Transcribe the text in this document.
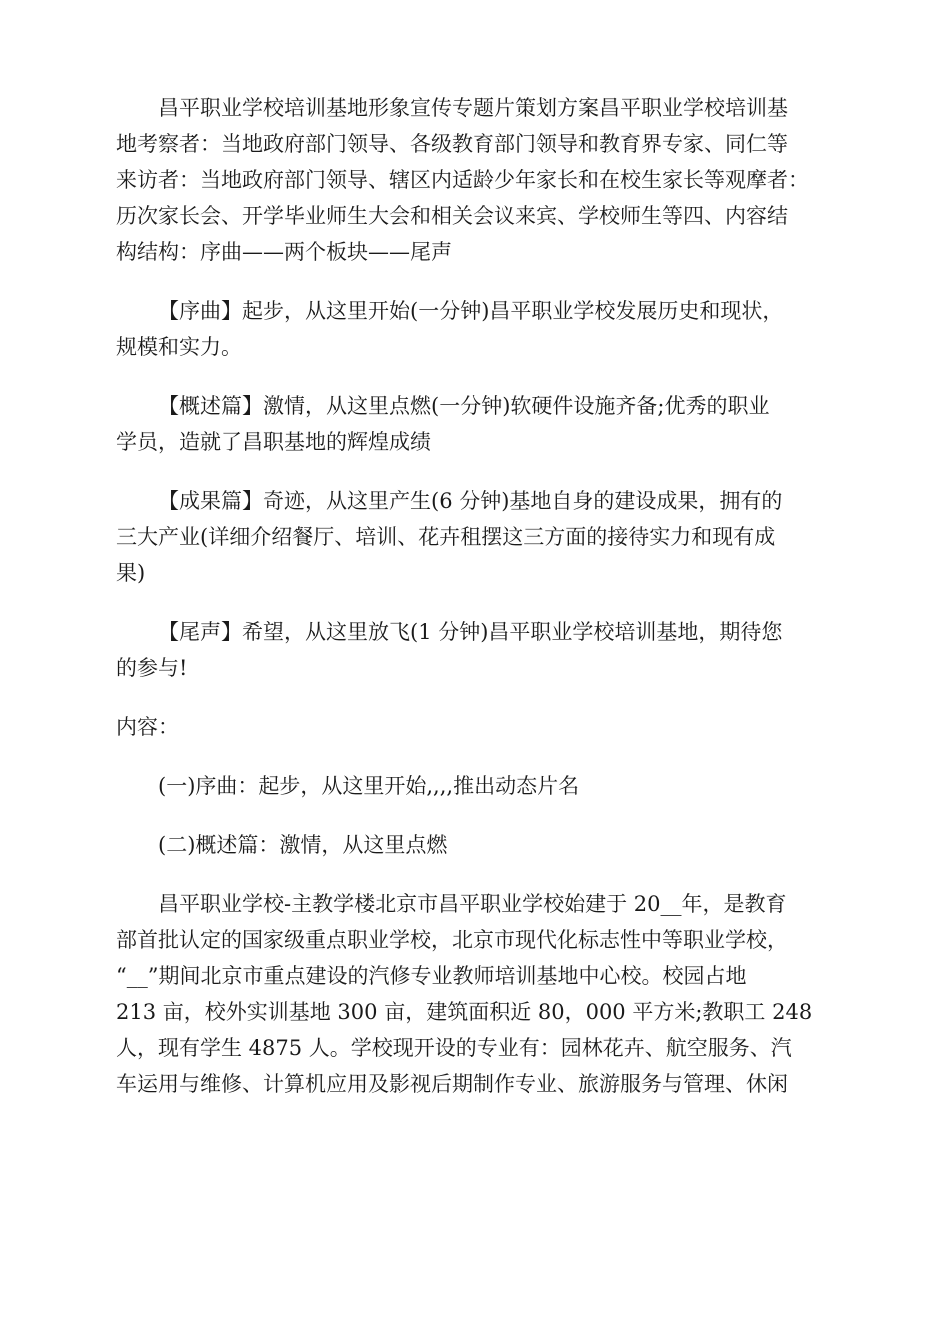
昌平职业学校培训基地形象宣传专题片策划方案昌平职业学校培训基
地考察者：当地政府部门领导、各级教育部门领导和教育界专家、同仁等
来访者：当地政府部门领导、辖区内适龄少年家长和在校生家长等观摩者：
历次家长会、开学毕业师生大会和相关会议来宾、学校师生等四、内容结
构结构：序曲——两个板块——尾声

【序曲】起步，从这里开始(一分钟)昌平职业学校发展历史和现状，
规模和实力。

【概述篇】激情，从这里点燃(一分钟)软硬件设施齐备;优秀的职业
学员，造就了昌职基地的辉煌成绩

【成果篇】奇迹，从这里产生(6 分钟)基地自身的建设成果，拥有的
三大产业(详细介绍餐厅、培训、花卉租摆这三方面的接待实力和现有成
果)

【尾声】希望，从这里放飞(1 分钟)昌平职业学校培训基地，期待您
的参与!

内容：

(一)序曲：起步，从这里开始,,,,推出动态片名

(二)概述篇：激情，从这里点燃

昌平职业学校-主教学楼北京市昌平职业学校始建于 20__年，是教育
部首批认定的国家级重点职业学校，北京市现代化标志性中等职业学校，
“__”期间北京市重点建设的汽修专业教师培训基地中心校。校园占地
213 亩，校外实训基地 300 亩，建筑面积近 80，000 平方米;教职工 248
人，现有学生 4875 人。学校现开设的专业有：园林花卉、航空服务、汽
车运用与维修、计算机应用及影视后期制作专业、旅游服务与管理、休闲
